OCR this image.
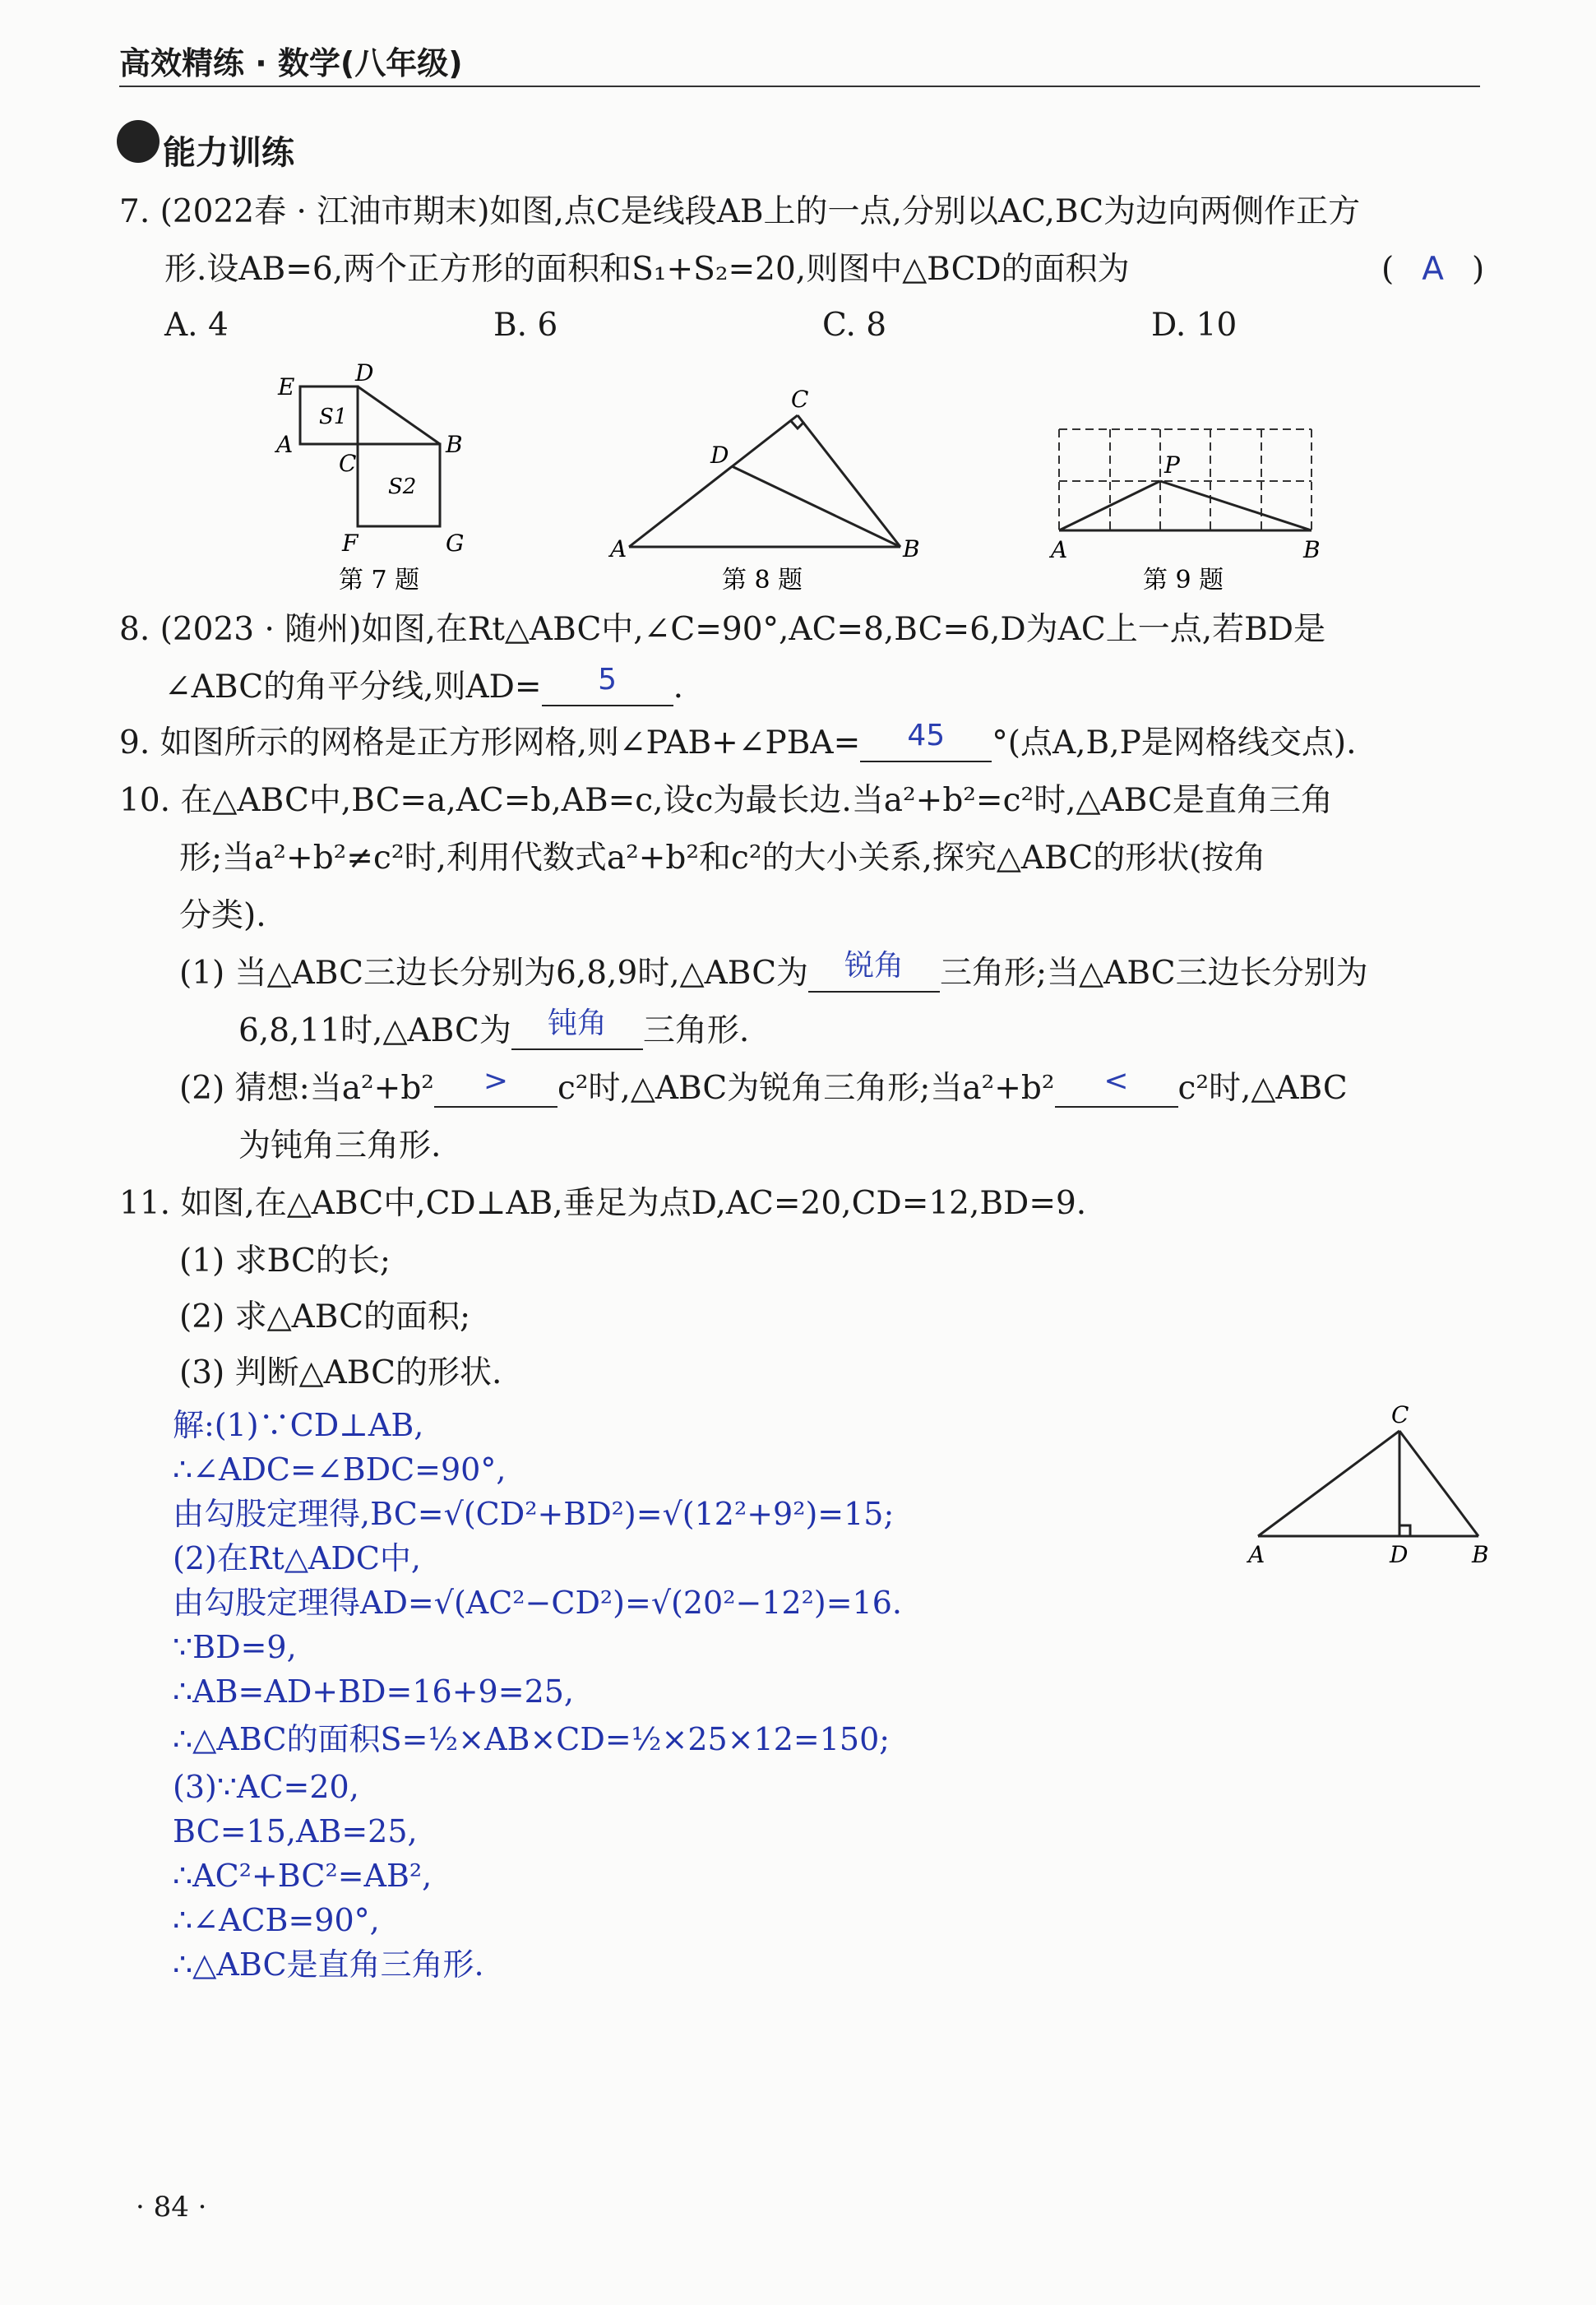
高效精练 · 数学(八年级)
能力训练
7. (2022春 · 江油市期末)如图,点C是线段AB上的一点,分别以AC,BC为边向两侧作正方
形.设AB=6,两个正方形的面积和S₁+S₂=20,则图中△BCD的面积为	( A )
A. 4	B. 6	C. 8	D. 10
E
D
S1
A
C
B
S2
F	G
第 7 题
C
D
A	B
第 8 题
P
A	B
第 9 题
8. (2023 · 随州)如图,在Rt△ABC中,∠C=90°,AC=8,BC=6,D为AC上一点,若BD是
∠ABC的角平分线,则AD= 5 .
9. 如图所示的网格是正方形网格,则∠PAB+∠PBA= 45 °(点A,B,P是网格线交点).
10. 在△ABC中,BC=a,AC=b,AB=c,设c为最长边.当a²+b²=c²时,△ABC是直角三角
形;当a²+b²≠c²时,利用代数式a²+b²和c²的大小关系,探究△ABC的形状(按角
分类).
(1) 当△ABC三边长分别为6,8,9时,△ABC为 锐角 三角形;当△ABC三边长分别为
6,8,11时,△ABC为 钝角 三角形.
(2) 猜想:当a²+b² > c²时,△ABC为锐角三角形;当a²+b² < c²时,△ABC
为钝角三角形.
11. 如图,在△ABC中,CD⊥AB,垂足为点D,AC=20,CD=12,BD=9.
(1) 求BC的长;
(2) 求△ABC的面积;
(3) 判断△ABC的形状.
C
A	D	B
解:(1)∵CD⊥AB,
∴∠ADC=∠BDC=90°,
由勾股定理得,BC=√(CD²+BD²)=√(12²+9²)=15;
(2)在Rt△ADC中,
由勾股定理得AD=√(AC²−CD²)=√(20²−12²)=16.
∵BD=9,
∴AB=AD+BD=16+9=25,
∴△ABC的面积S=½×AB×CD=½×25×12=150;
(3)∵AC=20,
BC=15,AB=25,
∴AC²+BC²=AB²,
∴∠ACB=90°,
∴△ABC是直角三角形.
· 84 ·
